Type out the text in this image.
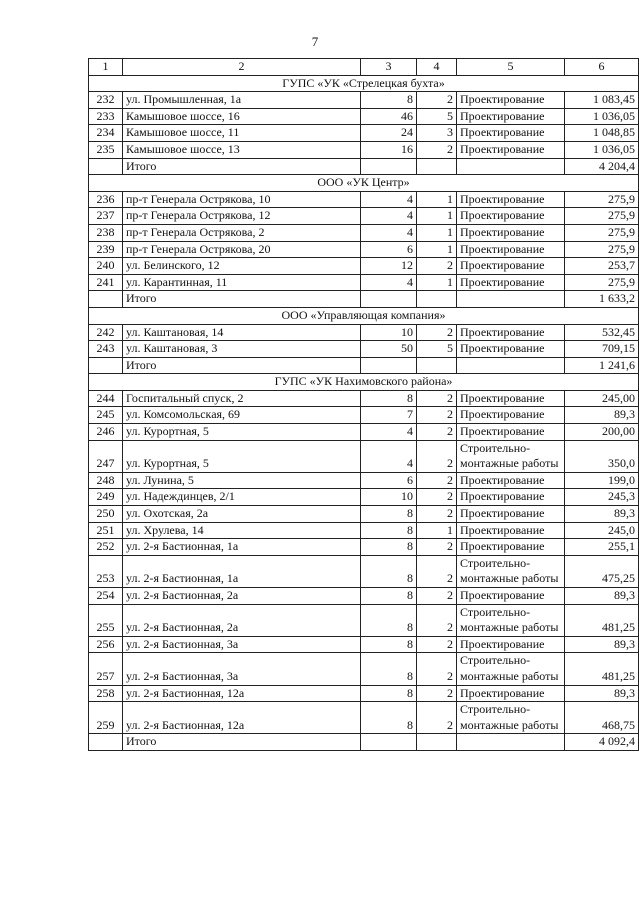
7
1	2	3	4	5	6
ГУПС «УК «Стрелецкая бухта»					
232	ул. Промышленная, 1а	8	2	Проектирование	1 083,45
233	Камышовое шоссе, 16	46	5	Проектирование	1 036,05
234	Камышовое шоссе, 11	24	3	Проектирование	1 048,85
235	Камышовое шоссе, 13	16	2	Проектирование	1 036,05
	Итого				4 204,4
ООО «УК Центр»					
236	пр-т Генерала Острякова, 10	4	1	Проектирование	275,9
237	пр-т Генерала Острякова, 12	4	1	Проектирование	275,9
238	пр-т Генерала Острякова, 2	4	1	Проектирование	275,9
239	пр-т Генерала Острякова, 20	6	1	Проектирование	275,9
240	ул. Белинского, 12	12	2	Проектирование	253,7
241	ул. Карантинная, 11	4	1	Проектирование	275,9
	Итого				1 633,2
ООО «Управляющая компания»					
242	ул. Каштановая, 14	10	2	Проектирование	532,45
243	ул. Каштановая, 3	50	5	Проектирование	709,15
	Итого				1 241,6
ГУПС «УК Нахимовского района»					
244	Госпитальный спуск, 2	8	2	Проектирование	245,00
245	ул. Комсомольская, 69	7	2	Проектирование	89,3
246	ул. Курортная, 5	4	2	Проектирование	200,00
247	ул. Курортная, 5	4	2	Строительно-монтажные работы	350,0
248	ул. Лунина, 5	6	2	Проектирование	199,0
249	ул. Надеждинцев, 2/1	10	2	Проектирование	245,3
250	ул. Охотская, 2а	8	2	Проектирование	89,3
251	ул. Хрулева, 14	8	1	Проектирование	245,0
252	ул. 2-я Бастионная, 1а	8	2	Проектирование	255,1
253	ул. 2-я Бастионная, 1а	8	2	Строительно-монтажные работы	475,25
254	ул. 2-я Бастионная, 2а	8	2	Проектирование	89,3
255	ул. 2-я Бастионная, 2а	8	2	Строительно-монтажные работы	481,25
256	ул. 2-я Бастионная, 3а	8	2	Проектирование	89,3
257	ул. 2-я Бастионная, 3а	8	2	Строительно-монтажные работы	481,25
258	ул. 2-я Бастионная, 12а	8	2	Проектирование	89,3
259	ул. 2-я Бастионная, 12а	8	2	Строительно-монтажные работы	468,75
	Итого				4 092,4
